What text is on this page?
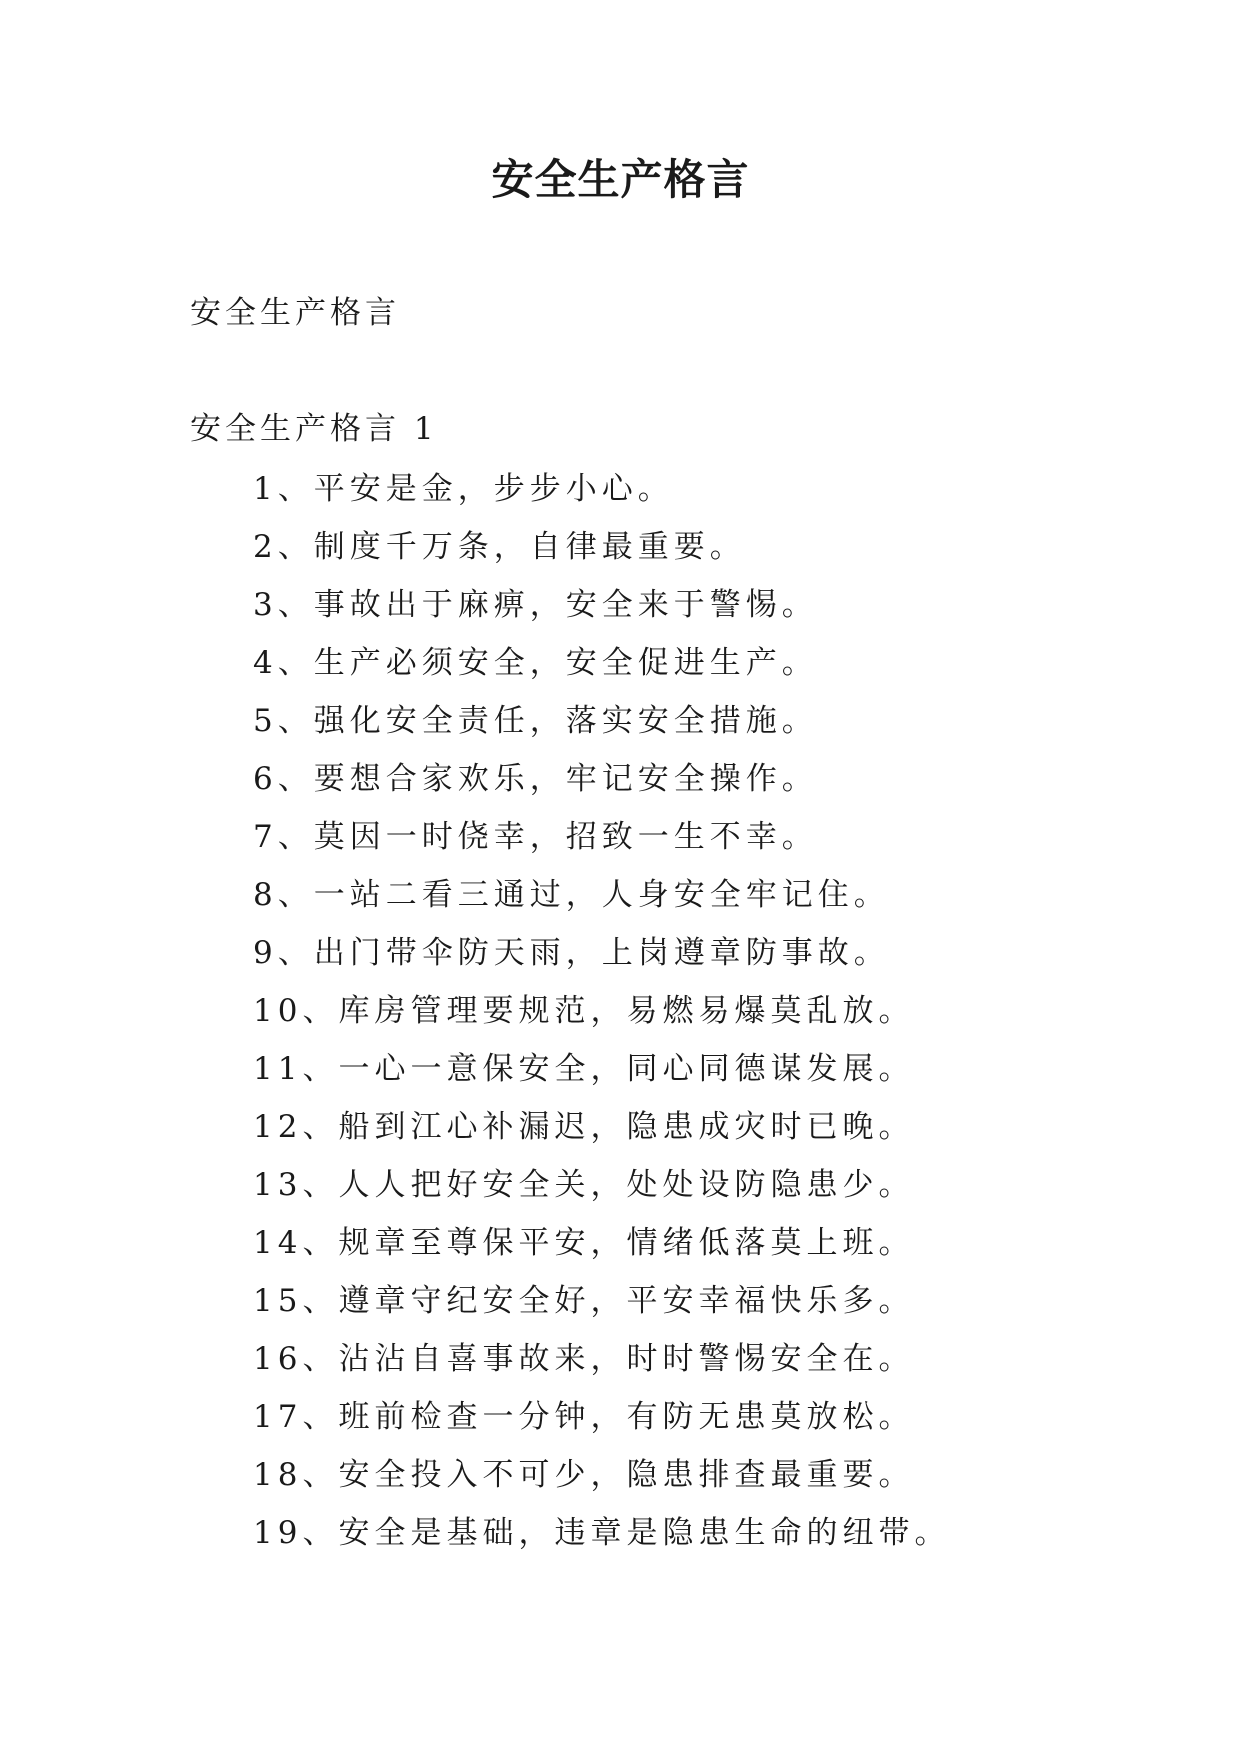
安全生产格言

安全生产格言

安全生产格言 1

1、平安是金，步步小心。
2、制度千万条，自律最重要。
3、事故出于麻痹，安全来于警惕。
4、生产必须安全，安全促进生产。
5、强化安全责任，落实安全措施。
6、要想合家欢乐，牢记安全操作。
7、莫因一时侥幸，招致一生不幸。
8、一站二看三通过，人身安全牢记住。
9、出门带伞防天雨，上岗遵章防事故。
10、库房管理要规范，易燃易爆莫乱放。
11、一心一意保安全，同心同德谋发展。
12、船到江心补漏迟，隐患成灾时已晚。
13、人人把好安全关，处处设防隐患少。
14、规章至尊保平安，情绪低落莫上班。
15、遵章守纪安全好，平安幸福快乐多。
16、沾沾自喜事故来，时时警惕安全在。
17、班前检查一分钟，有防无患莫放松。
18、安全投入不可少，隐患排查最重要。
19、安全是基础，违章是隐患生命的纽带。
